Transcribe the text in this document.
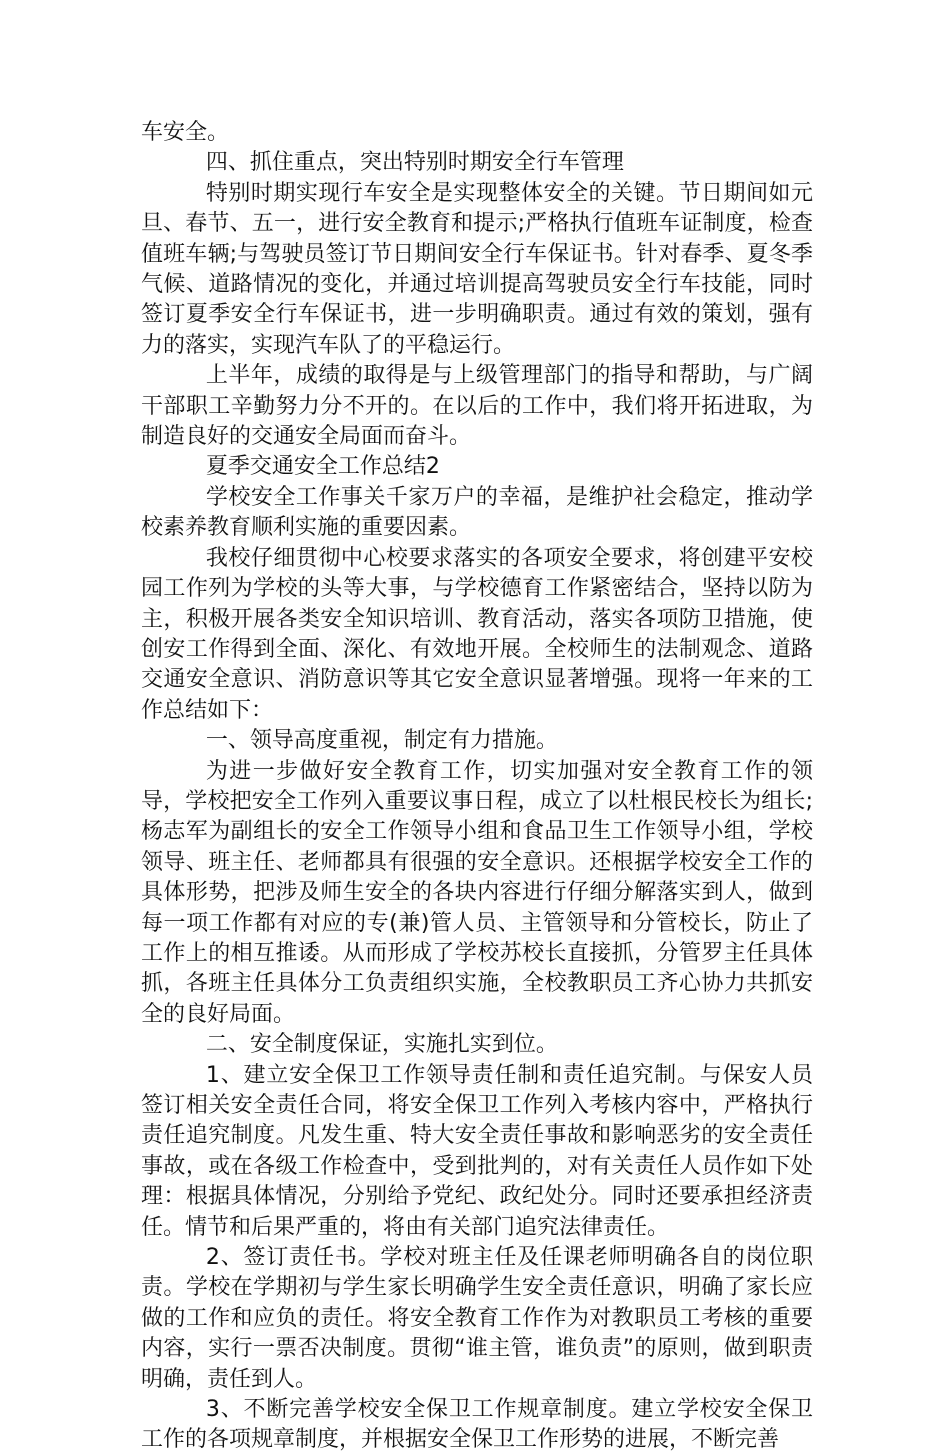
车安全。

四、抓住重点，突出特别时期安全行车管理

特别时期实现行车安全是实现整体安全的关键。节日期间如元旦、春节、五一，进行安全教育和提示;严格执行值班车证制度，检查值班车辆;与驾驶员签订节日期间安全行车保证书。针对春季、夏冬季气候、道路情况的变化，并通过培训提高驾驶员安全行车技能，同时签订夏季安全行车保证书，进一步明确职责。通过有效的策划，强有力的落实，实现汽车队了的平稳运行。

上半年，成绩的取得是与上级管理部门的指导和帮助，与广阔干部职工辛勤努力分不开的。在以后的工作中，我们将开拓进取，为制造良好的交通安全局面而奋斗。

夏季交通安全工作总结2

学校安全工作事关千家万户的幸福，是维护社会稳定，推动学校素养教育顺利实施的重要因素。

我校仔细贯彻中心校要求落实的各项安全要求，将创建平安校园工作列为学校的头等大事，与学校德育工作紧密结合，坚持以防为主，积极开展各类安全知识培训、教育活动，落实各项防卫措施，使创安工作得到全面、深化、有效地开展。全校师生的法制观念、道路交通安全意识、消防意识等其它安全意识显著增强。现将一年来的工作总结如下：

一、领导高度重视，制定有力措施。

为进一步做好安全教育工作，切实加强对安全教育工作的领导，学校把安全工作列入重要议事日程，成立了以杜根民校长为组长;杨志军为副组长的安全工作领导小组和食品卫生工作领导小组，学校领导、班主任、老师都具有很强的安全意识。还根据学校安全工作的具体形势，把涉及师生安全的各块内容进行仔细分解落实到人，做到每一项工作都有对应的专(兼)管人员、主管领导和分管校长，防止了工作上的相互推诿。从而形成了学校苏校长直接抓，分管罗主任具体抓，各班主任具体分工负责组织实施，全校教职员工齐心协力共抓安全的良好局面。

二、安全制度保证，实施扎实到位。

1、建立安全保卫工作领导责任制和责任追究制。与保安人员签订相关安全责任合同，将安全保卫工作列入考核内容中，严格执行责任追究制度。凡发生重、特大安全责任事故和影响恶劣的安全责任事故，或在各级工作检查中，受到批判的，对有关责任人员作如下处理：根据具体情况，分别给予党纪、政纪处分。同时还要承担经济责任。情节和后果严重的，将由有关部门追究法律责任。

2、签订责任书。学校对班主任及任课老师明确各自的岗位职责。学校在学期初与学生家长明确学生安全责任意识，明确了家长应做的工作和应负的责任。将安全教育工作作为对教职员工考核的重要内容，实行一票否决制度。贯彻“谁主管，谁负责”的原则，做到职责明确，责任到人。

3、不断完善学校安全保卫工作规章制度。建立学校安全保卫工作的各项规章制度，并根据安全保卫工作形势的进展，不断完善
